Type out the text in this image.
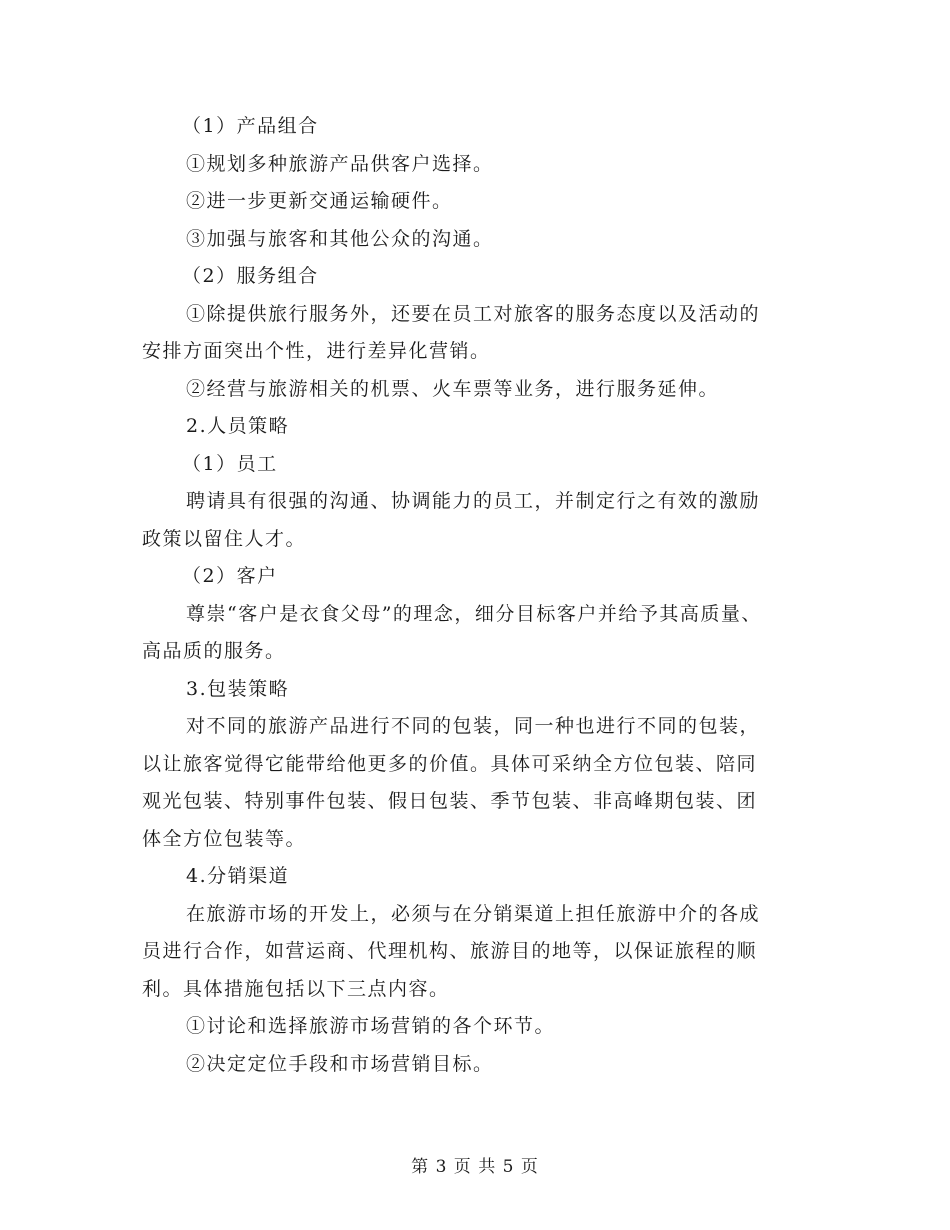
（1）产品组合
①规划多种旅游产品供客户选择。
②进一步更新交通运输硬件。
③加强与旅客和其他公众的沟通。
（2）服务组合
①除提供旅行服务外，还要在员工对旅客的服务态度以及活动的
安排方面突出个性，进行差异化营销。
②经营与旅游相关的机票、火车票等业务，进行服务延伸。
2.人员策略
（1）员工
聘请具有很强的沟通、协调能力的员工，并制定行之有效的激励
政策以留住人才。
（2）客户
尊崇“客户是衣食父母”的理念，细分目标客户并给予其高质量、
高品质的服务。
3.包装策略
对不同的旅游产品进行不同的包装，同一种也进行不同的包装，
以让旅客觉得它能带给他更多的价值。具体可采纳全方位包装、陪同
观光包装、特别事件包装、假日包装、季节包装、非高峰期包装、团
体全方位包装等。
4.分销渠道
在旅游市场的开发上，必须与在分销渠道上担任旅游中介的各成
员进行合作，如营运商、代理机构、旅游目的地等，以保证旅程的顺
利。具体措施包括以下三点内容。
①讨论和选择旅游市场营销的各个环节。
②决定定位手段和市场营销目标。
第 3 页 共 5 页
